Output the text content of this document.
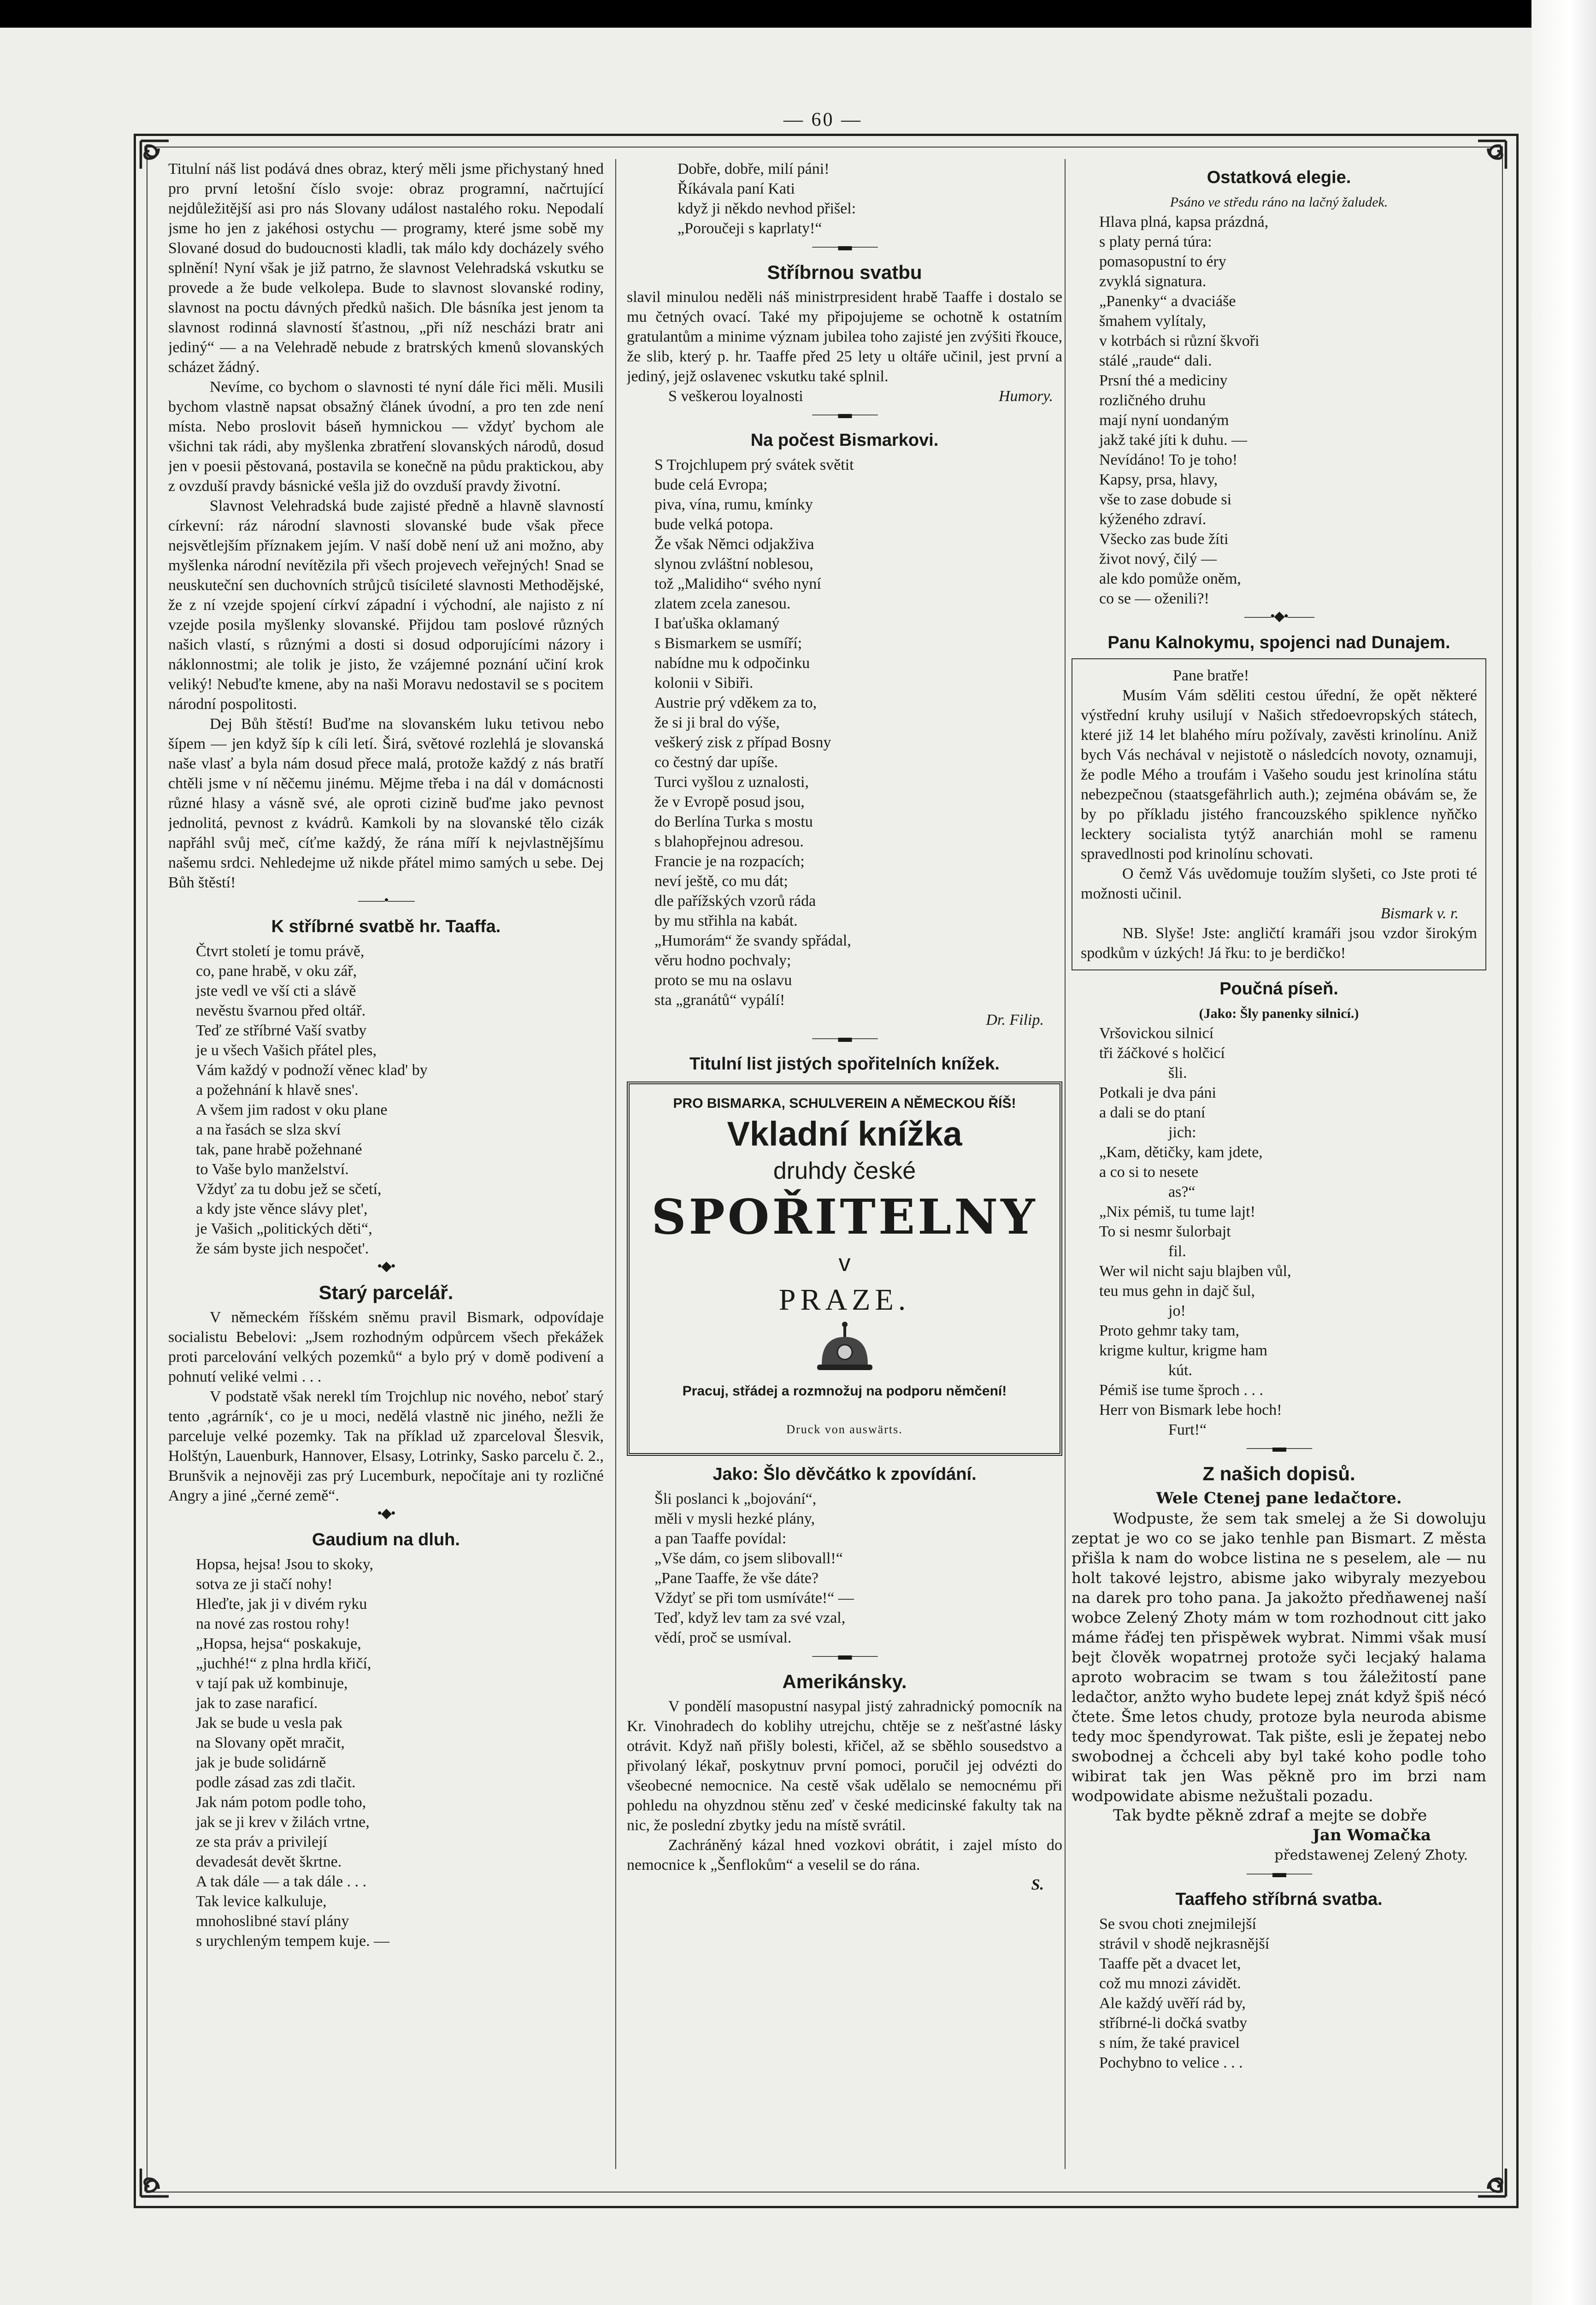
— 60 —

Titulní náš list podává dnes obraz, který měli jsme přichystaný hned pro první letošní číslo svoje: obraz programní, načrtující nejdůležitější asi pro nás Slovany událost nastalého roku. Nepodalí jsme ho jen z jakéhosi ostychu — programy, které jsme sobě my Slované dosud do budoucnosti kladli, tak málo kdy docházely svého splnění! Nyní však je již patrno, že slavnost Velehradská vskutku se provede a že bude velkolepa. Bude to slavnost slovanské rodiny, slavnost na poctu dávných předků našich. Dle básníka jest jenom ta slavnost rodinná slavností šťastnou, „při níž nescházi bratr ani jediný“ — a na Velehradě nebude z bratrských kmenů slovanských scházet žádný.

Nevíme, co bychom o slavnosti té nyní dále řici měli. Musili bychom vlastně napsat obsažný článek úvodní, a pro ten zde není místa. Nebo proslovit báseň hymnickou — vždyť bychom ale všichni tak rádi, aby myšlenka zbratření slovanských národů, dosud jen v poesii pěstovaná, postavila se konečně na půdu praktickou, aby z ovzduší pravdy básnické vešla již do ovzduší pravdy životní.

Slavnost Velehradská bude zajisté předně a hlavně slavností církevní: ráz národní slavnosti slovanské bude však přece nejsvětlejším příznakem jejím. V naší době není už ani možno, aby myšlenka národní nevítězila při všech projevech veřejných! Snad se neuskuteční sen duchovních strůjců tisícileté slavnosti Methodějské, že z ní vzejde spojení církví západní i východní, ale najisto z ní vzejde posila myšlenky slovanské. Přijdou tam poslové různých našich vlastí, s různými a dosti si dosud odporujícími názory i náklonnostmi; ale tolik je jisto, že vzájemné poznání učiní krok veliký! Nebuďte kmene, aby na naši Moravu nedostavil se s pocitem národní pospolitosti.

Dej Bůh štěstí! Buďme na slovanském luku tetivou nebo šípem — jen když šíp k cíli letí. Širá, světové rozlehlá je slovanská naše vlasť a byla nám dosud přece malá, protože každý z nás bratří chtěli jsme v ní něčemu jinému. Mějme třeba i na dál v domácnosti různé hlasy a vásně své, ale oproti cizině buďme jako pevnost jednolitá, pevnost z kvádrů. Kamkoli by na slovanské tělo cizák napřáhl svůj meč, cíťme každý, že rána míří k nejvlastnějšímu našemu srdci. Nehledejme už nikde přátel mimo samých u sebe. Dej Bůh štěstí!

——•——
K stříbrné svatbě hr. Taaffa.
Čtvrt století je tomu právě,
co, pane hrabě, v oku zář,
jste vedl ve vší cti a slávě
nevěstu švarnou před oltář.
Teď ze stříbrné Vaší svatby
je u všech Vašich přátel ples,
Vám každý v podnoží věnec klad' by
a požehnání k hlavě snes'.
A všem jim radost v oku plane
a na řasách se slza skví
tak, pane hrabě požehnané
to Vaše bylo manželství.
Vždyť za tu dobu jež se sčetí,
a kdy jste věnce slávy plet',
je Vašich „politických děti“,
že sám byste jich nespočet'.
•◆•
Starý parcelář.

V německém říšském sněmu pravil Bismark, odpovídaje socialistu Bebelovi: „Jsem rozhodným odpůrcem všech překážek proti parcelování velkých pozemků“ a bylo prý v domě podivení a pohnutí veliké velmi . . .

V podstatě však nerekl tím Trojchlup nic nového, neboť starý tento ‚agrárník‘, co je u moci, nedělá vlastně nic jiného, nežli že parceluje velké pozemky. Tak na příklad už zparceloval Šlesvik, Holštýn, Lauenburk, Hannover, Elsasy, Lotrinky, Sasko parcelu č. 2., Brunšvik a nejnověji zas prý Lucemburk, nepočítaje ani ty rozličné Angry a jiné „černé země“.

•◆•
Gaudium na dluh.
Hopsa, hejsa! Jsou to skoky,
sotva ze ji stačí nohy!
Hleďte, jak ji v divém ryku
na nové zas rostou rohy!
„Hopsa, hejsa“ poskakuje,
„juchhé!“ z plna hrdla křičí,
v tají pak už kombinuje,
jak to zase naraficí.
Jak se bude u vesla pak
na Slovany opět mračit,
jak je bude solidárně
podle zásad zas zdi tlačit.
Jak nám potom podle toho,
jak se ji krev v žilách vrtne,
ze sta práv a privilejí
devadesát devět škrtne.
A tak dále — a tak dále . . .
Tak levice kalkuluje,
mnohoslibné staví plány
s urychleným tempem kuje. —
Dobře, dobře, milí páni!
Říkávala paní Kati
když ji někdo nevhod přišel:
„Poroučeji s kaprlaty!“
——▬——
Stříbrnou svatbu

slavil minulou neděli náš ministrpresident hrabě Taaffe i dostalo se mu četných ovací. Také my připojujeme se ochotně k ostatním gratulantům a minime význam jubilea toho zajisté jen zvýšiti řkouce, že slib, který p. hr. Taaffe před 25 lety u oltáře učinil, jest první a jediný, jejž oslavenec vskutku také splnil.

S veškerou loyalnosti	Humory.
——▬——
Na počest Bismarkovi.
S Trojchlupem prý svátek světit
bude celá Evropa;
piva, vína, rumu, kmínky
bude velká potopa.
Že však Němci odjakživa
slynou zvláštní noblesou,
tož „Malidiho“ svého nyní
zlatem zcela zanesou.
I baťuška oklamaný
s Bismarkem se usmíří;
nabídne mu k odpočinku
kolonii v Sibiři.
Austrie prý vděkem za to,
že si ji bral do výše,
veškerý zisk z případ Bosny
co čestný dar upíše.
Turci vyšlou z uznalosti,
že v Evropě posud jsou,
do Berlína Turka s mostu
s blahopřejnou adresou.
Francie je na rozpacích;
neví ještě, co mu dát;
dle pařížských vzorů ráda
by mu střihla na kabát.
„Humorám“ že svandy spřádal,
věru hodno pochvaly;
proto se mu na oslavu
sta „granátů“ vypálí!
Dr. Filip.
——▬——
Titulní list jistých spořitelních knížek.
PRO BISMARKA, SCHULVEREIN A NĚMECKOU ŘÍŠ!
Vkladní knížka
druhdy české
SPOŘITELNY
v
PRAZE.
Pracuj, střádej a rozmnožuj na podporu němčení!
Druck von auswärts.
Jako: Šlo děvčátko k zpovídání.
Šli poslanci k „bojování“,
měli v mysli hezké plány,
a pan Taaffe povídal:
„Vše dám, co jsem slibovall!“
„Pane Taaffe, že vše dáte?
Vždyť se při tom usmíváte!“ —
Teď, když lev tam za své vzal,
vědí, proč se usmíval.
——▬——
Amerikánsky.

V pondělí masopustní nasypal jistý zahradnický pomocník na Kr. Vinohradech do koblihy utrejchu, chtěje se z nešťastné lásky otrávit. Když naň přišly bolesti, křičel, až se sběhlo sousedstvo a přivolaný lékař, poskytnuv první pomoci, poručil jej odvézti do všeobecné nemocnice. Na cestě však udělalo se nemocnému při pohledu na ohyzdnou stěnu zeď v české medicinské fakulty tak na nic, že poslední zbytky jedu na místě svrátil.

Zachráněný kázal hned vozkovi obrátit, i zajel místo do nemocnice k „Šenflokům“ a veselil se do rána.

S.
Ostatková elegie.
Psáno ve středu ráno na lačný žaludek.
Hlava plná, kapsa prázdná,
s platy perná túra:
pomasopustní to éry
zvyklá signatura.
„Panenky“ a dvaciáše
šmahem vylítaly,
v kotrbách si různí škvoři
stálé „raude“ dali.
Prsní thé a mediciny
rozličného druhu
mají nyní uondaným
jakž také jíti k duhu. —
Nevídáno! To je toho!
Kapsy, prsa, hlavy,
vše to zase dobude si
kýženého zdraví.
Všecko zas bude žíti
život nový, čilý —
ale kdo pomůže oněm,
co se — oženili?!
——•◆•——
Panu Kalnokymu, spojenci nad Dunajem.
Pane bratře!

Musím Vám sděliti cestou úřední, že opět některé výstřední kruhy usilují v Našich středoevropských státech, které již 14 let blahého míru požívaly, zavěsti krinolínu. Aniž bych Vás nechával v nejistotě o následcích novoty, oznamuji, že podle Mého a troufám i Vašeho soudu jest krinolína státu nebezpečnou (staatsgefährlich auth.); zejména obávám se, že by po příkladu jistého francouzského spiklence nyňčko lecktery socialista tytýž anarchián mohl se ramenu spravedlnosti pod krinolínu schovati.

O čemž Vás uvědomuje toužím slyšeti, co Jste proti té možnosti učinil.

Bismark v. r.

NB. Slyše! Jste: angličtí kramáři jsou vzdor širokým spodkům v úzkých! Já řku: to je berdičko!

Poučná píseň.
(Jako: Šly panenky silnicí.)
Vršovickou silnicí
tři žáčkové s holčicí
šli.
Potkali je dva páni
a dali se do ptaní
jich:
„Kam, dětičky, kam jdete,
a co si to nesete
as?“
„Nix pémiš, tu tume lajt!
To si nesmr šulorbajt
fil.
Wer wil nicht saju blajben vůl,
teu mus gehn in dajč šul,
jo!
Proto gehmr taky tam,
krigme kultur, krigme ham
kút.
Pémiš ise tume šproch . . .
Herr von Bismark lebe hoch!
Furt!“
——▬——
Z našich dopisů.
Wele Ctenej pane ledačtore.

Wodpuste, že sem tak smelej a že Si dowoluju zeptat je wo co se jako tenhle pan Bismart. Z města přišla k nam do wobce listina ne s peselem, ale — nu holt takové lejstro, abisme jako wibyraly mezyebou na darek pro toho pana. Ja jakožto předňawenej naší wobce Zelený Zhoty mám w tom rozhodnout citt jako máme řáďej ten přispěwek wybrat. Nimmi však musí bejt člověk wopatrnej protože syči lecjaký halama aproto wobracim se twam s tou žáležitostí pane ledačtor, anžto wyho budete lepej znát když špiš nécó čtete. Šme letos chudy, protoze byla neuroda abisme tedy moc špendyrowat. Tak pište, esli je žepatej nebo swobodnej a čchceli aby byl také koho podle toho wibirat tak jen Was pěkně pro im brzi nam wodpowidate abisme nežuštali pozadu.

Tak bydte pěkně zdraf a mejte se dobře
Jan Womačka
předstawenej Zelený Zhoty.
——▬——
Taaffeho stříbrná svatba.
Se svou choti znejmilejší
strávil v shodě nejkrasnější
Taaffe pět a dvacet let,
což mu mnozi závidět.
Ale každý uvěří rád by,
stříbrné-li dočká svatby
s ním, že také pravicel
Pochybno to velice . . .
